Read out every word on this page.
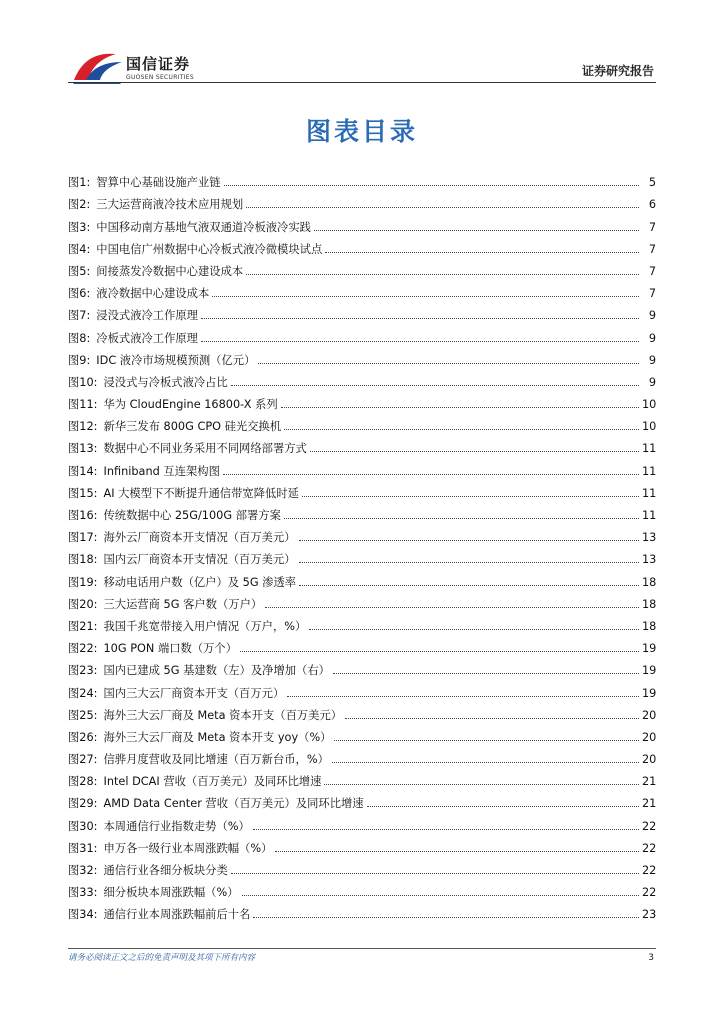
国信证券
GUOSEN SECURITIES	证券研究报告
图表目录
图1: 智算中心基础设施产业链	5
图2: 三大运营商液冷技术应用规划	6
图3: 中国移动南方基地气液双通道冷板液冷实践	7
图4: 中国电信广州数据中心冷板式液冷微模块试点	7
图5: 间接蒸发冷数据中心建设成本	7
图6: 液冷数据中心建设成本	7
图7: 浸没式液冷工作原理	9
图8: 冷板式液冷工作原理	9
图9: IDC 液冷市场规模预测（亿元）	9
图10: 浸没式与冷板式液冷占比	9
图11: 华为 CloudEngine 16800-X 系列	10
图12: 新华三发布 800G CPO 硅光交换机	10
图13: 数据中心不同业务采用不同网络部署方式	11
图14: Infiniband 互连架构图	11
图15: AI 大模型下不断提升通信带宽降低时延	11
图16: 传统数据中心 25G/100G 部署方案	11
图17: 海外云厂商资本开支情况（百万美元）	13
图18: 国内云厂商资本开支情况（百万美元）	13
图19: 移动电话用户数（亿户）及 5G 渗透率	18
图20: 三大运营商 5G 客户数（万户）	18
图21: 我国千兆宽带接入用户情况（万户，%）	18
图22: 10G PON 端口数（万个）	19
图23: 国内已建成 5G 基建数（左）及净增加（右）	19
图24: 国内三大云厂商资本开支（百万元）	19
图25: 海外三大云厂商及 Meta 资本开支（百万美元）	20
图26: 海外三大云厂商及 Meta 资本开支 yoy（%）	20
图27: 信骅月度营收及同比增速（百万新台币，%）	20
图28: Intel DCAI 营收（百万美元）及同环比增速	21
图29: AMD Data Center 营收（百万美元）及同环比增速	21
图30: 本周通信行业指数走势（%）	22
图31: 申万各一级行业本周涨跌幅（%）	22
图32: 通信行业各细分板块分类	22
图33: 细分板块本周涨跌幅（%）	22
图34: 通信行业本周涨跌幅前后十名	23
请务必阅读正文之后的免责声明及其项下所有内容	3
